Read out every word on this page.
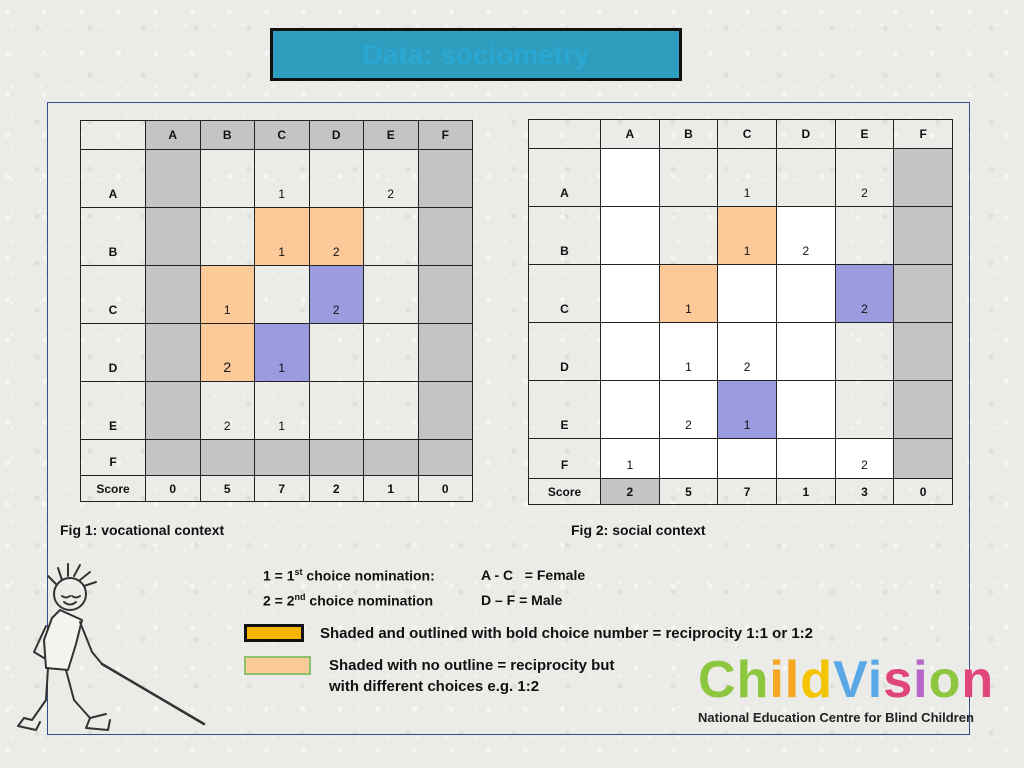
Data: sociometry
	A	B	C	D	E	F
A			1		2	
B			1	2		
C		1		2		
D		2	1			
E		2	1			
F						
Score	0	5	7	2	1	0
	A	B	C	D	E	F
A			1		2	
B			1	2		
C		1			2	
D		1	2			
E		2	1			
F	1				2	
Score	2	5	7	1	3	0
Fig 1: vocational context	Fig 2: social context
1 = 1st choice nomination:
2 = 2nd choice nomination
A - C   = Female
D – F = Male
Shaded and outlined with bold choice number = reciprocity 1:1 or 1:2
Shaded with no outline = reciprocity but
with different choices e.g. 1:2	ChildVision
National Education Centre for Blind Children
